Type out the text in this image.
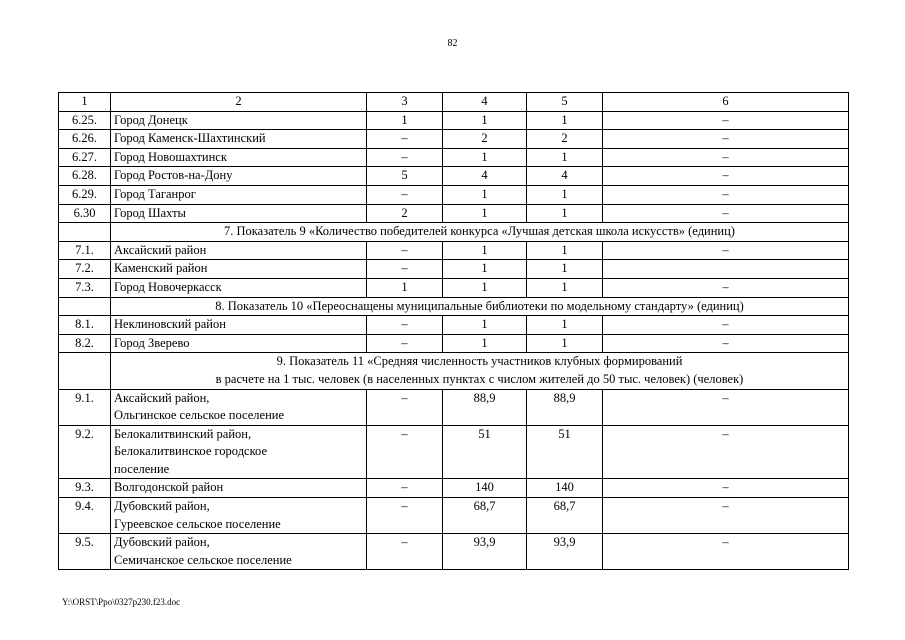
82
1	2	3	4	5	6
6.25.	Город Донецк	1	1	1	–
6.26.	Город Каменск-Шахтинский	–	2	2	–
6.27.	Город Новошахтинск	–	1	1	–
6.28.	Город Ростов-на-Дону	5	4	4	–
6.29.	Город Таганрог	–	1	1	–
6.30	Город Шахты	2	1	1	–
	7. Показатель 9 «Количество победителей конкурса «Лучшая детская школа искусств» (единиц)				
7.1.	Аксайский район	–	1	1	–
7.2.	Каменский район	–	1	1	
7.3.	Город Новочеркасск	1	1	1	–
	8. Показатель 10 «Переоснащены муниципальные библиотеки по модельному стандарту» (единиц)				
8.1.	Неклиновский район	–	1	1	–
8.2.	Город Зверево	–	1	1	–
	9. Показатель 11 «Средняя численность участников клубных формирований
в расчете на 1 тыс. человек (в населенных пунктах с числом жителей до 50 тыс. человек) (человек)				
9.1.	Аксайский район,
Ольгинское сельское поселение	–	88,9	88,9	–
9.2.	Белокалитвинский район,
Белокалитвинское городское
поселение	–	51	51	–
9.3.	Волгодонской район	–	140	140	–
9.4.	Дубовский район,
Гуреевское сельское поселение	–	68,7	68,7	–
9.5.	Дубовский район,
Семичанское сельское поселение	–	93,9	93,9	–
Y:\ORST\Ppo\0327p230.f23.doc
